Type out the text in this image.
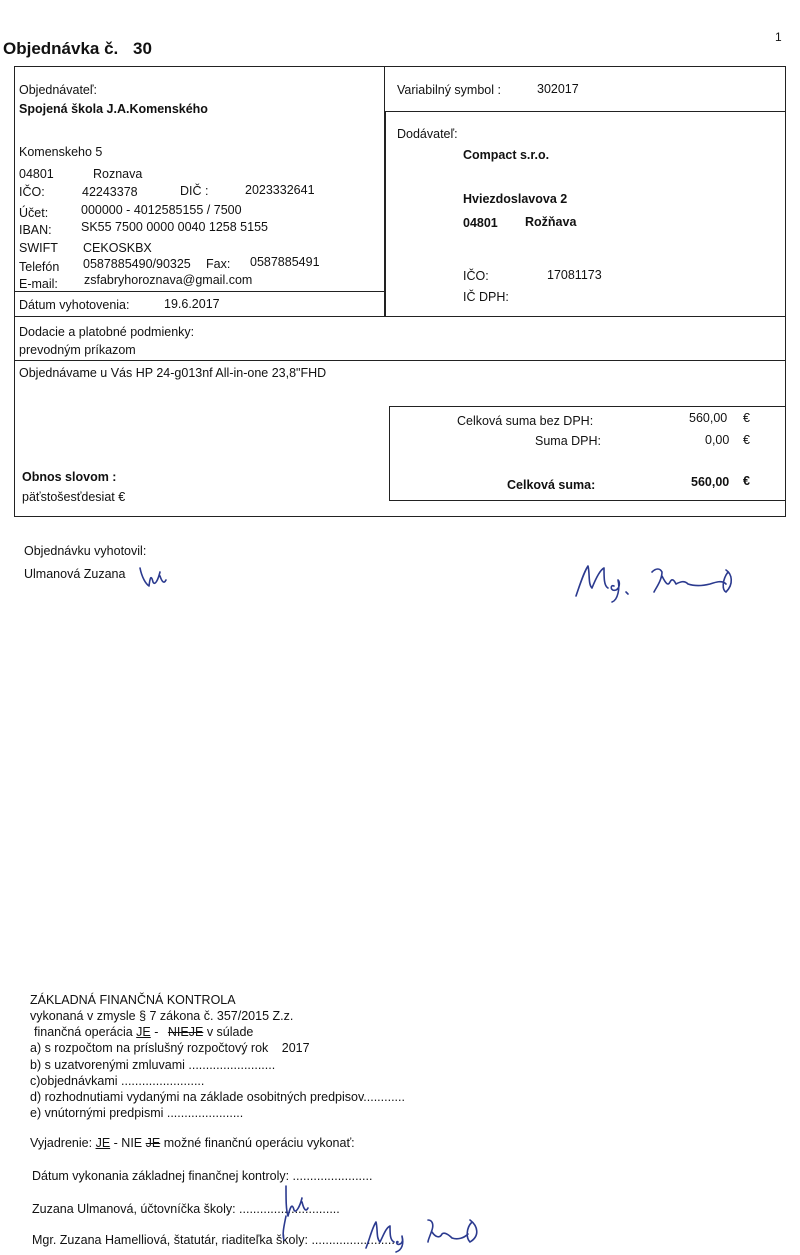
1
Objednávka č. 30
Objednávateľ:
Spojená škola J.A.Komenského
Komenskeho 5
04801	Roznava
IČO:	42243378	DIČ :	2023332641
Účet:	000000 - 4012585155 / 7500
IBAN: SK55 7500 0000 0040 1258 5155
SWIFT CEKOSKBX
Telefón 0587885490/90325 Fax: 0587885491
E-mail: zsfabryhoroznava@gmail.com
Dátum vyhotovenia:	19.6.2017
Variabilný symbol :	302017
Dodávateľ:
Compact s.r.o.
Hviezdoslavova 2
04801 Rožňava
IČO:	17081173
IČ DPH:
Dodacie a platobné podmienky:
prevodným príkazom
Objednávame u Vás HP 24-g013nf All-in-one 23,8"FHD
Celková suma bez DPH:	560,00 €
Suma DPH:	0,00 €
Celková suma:	560,00 €
Obnos slovom :
päťstošesťdesiat €
Objednávku vyhotovil:
Ulmanová Zuzana
ZÁKLADNÁ FINANČNÁ KONTROLA
vykonaná v zmysle § 7 zákona č. 357/2015 Z.z.
finančná operácia JE - NIEJE v súlade
a) s rozpočtom na príslušný rozpočtový rok 2017
b) s uzatvorenými zmluvami .........................
c)objednávkami ........................
d) rozhodnutiami vydanými na základe osobitných predpisov............
e) vnútornými predpismi ......................
Vyjadrenie: JE - NIE JE možné finančnú operáciu vykonať:
Dátum vykonania základnej finančnej kontroly: .......................
Zuzana Ulmanová, účtovníčka školy: .............................
Mgr. Zuzana Hamelliová, štatutár, riaditeľka školy: ........................
